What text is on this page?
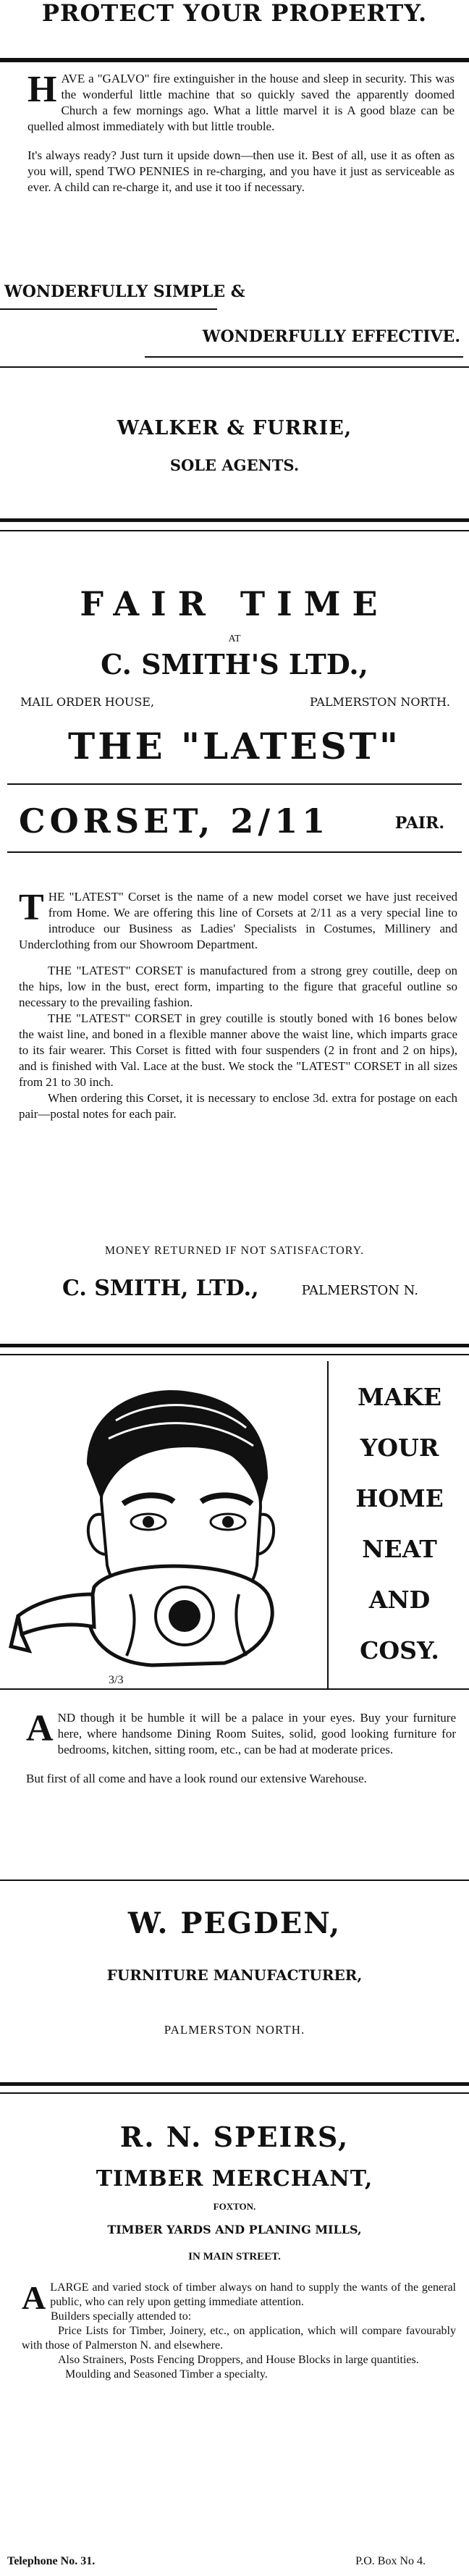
PROTECT YOUR PROPERTY.
H AVE a "GALVO" fire extinguisher in the house and sleep in security. This was the wonderful little machine that so quickly saved the apparently doomed Church a few mornings ago. What a little marvel it is A good blaze can be quelled almost immediately with but little trouble.
It's always ready? Just turn it upside down—then use it. Best of all, use it as often as you will, spend TWO PENNIES in re-charging, and you have it just as serviceable as ever. A child can re-charge it, and use it too if necessary.
WONDERFULLY SIMPLE &
WONDERFULLY EFFECTIVE.
WALKER & FURRIE,
SOLE AGENTS.
FAIR TIME
AT
C. SMITH'S LTD.,
MAIL ORDER HOUSE,	PALMERSTON NORTH.
THE "LATEST"
CORSET, 2/11	PAIR.
T HE "LATEST" Corset is the name of a new model corset we have just received from Home. We are offering this line of Corsets at 2/11 as a very special line to introduce our Business as Ladies' Specialists in Costumes, Millinery and Underclothing from our Showroom Department.
THE "LATEST" CORSET is manufactured from a strong grey coutille, deep on the hips, low in the bust, erect form, imparting to the figure that graceful outline so necessary to the prevailing fashion.
THE "LATEST" CORSET in grey coutille is stoutly boned with 16 bones below the waist line, and boned in a flexible manner above the waist line, which imparts grace to its fair wearer. This Corset is fitted with four suspenders (2 in front and 2 on hips), and is finished with Val. Lace at the bust. We stock the "LATEST" CORSET in all sizes from 21 to 30 inch.
When ordering this Corset, it is necessary to enclose 3d. extra for postage on each pair—postal notes for each pair.
MONEY RETURNED IF NOT SATISFACTORY.
C. SMITH, LTD.,	PALMERSTON N.
3/3
MAKE
YOUR
HOME
NEAT
AND
COSY.
A ND though it be humble it will be a palace in your eyes. Buy your furniture here, where handsome Dining Room Suites, solid, good looking furniture for bedrooms, kitchen, sitting room, etc., can be had at moderate prices.
But first of all come and have a look round our extensive Warehouse.
W. PEGDEN,
FURNITURE MANUFACTURER,
PALMERSTON NORTH.
R. N. SPEIRS,
TIMBER MERCHANT,
FOXTON.
TIMBER YARDS AND PLANING MILLS,
IN MAIN STREET.
A LARGE and varied stock of timber always on hand to supply the wants of the general public, who can rely upon getting immediate attention.
Builders specially attended to:
Price Lists for Timber, Joinery, etc., on application, which will compare favourably with those of Palmerston N. and elsewhere.
Also Strainers, Posts Fencing Droppers, and House Blocks in large quantities.
Moulding and Seasoned Timber a specialty.
Telephone No. 31.	P.O. Box No 4.
